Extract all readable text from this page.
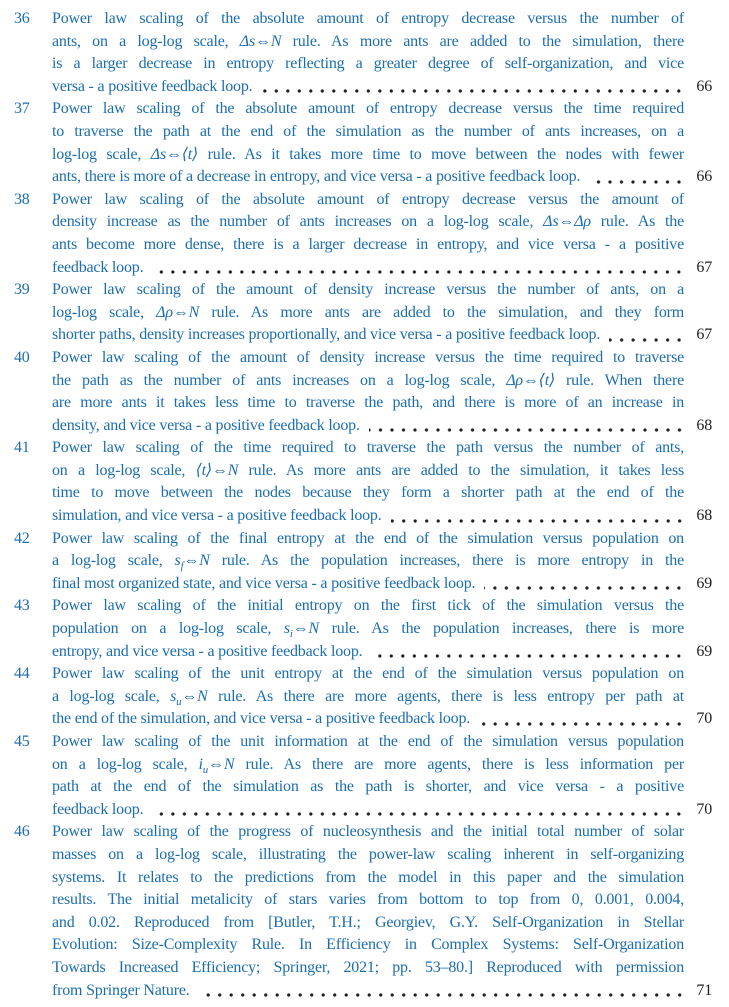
36	Power law scaling of the absolute amount of entropy decrease versus the number of
ants, on a log-log scale, Δs⇔N rule. As more ants are added to the simulation, there
is a larger decrease in entropy reflecting a greater degree of self-organization, and vice
versa - a positive feedback loop.	66
37	Power law scaling of the absolute amount of entropy decrease versus the time required
to traverse the path at the end of the simulation as the number of ants increases, on a
log-log scale, Δs⇔⟨t⟩ rule. As it takes more time to move between the nodes with fewer
ants, there is more of a decrease in entropy, and vice versa - a positive feedback loop.	66
38	Power law scaling of the absolute amount of entropy decrease versus the amount of
density increase as the number of ants increases on a log-log scale, Δs⇔Δρ rule. As the
ants become more dense, there is a larger decrease in entropy, and vice versa - a positive
feedback loop.	67
39	Power law scaling of the amount of density increase versus the number of ants, on a
log-log scale, Δρ⇔N rule. As more ants are added to the simulation, and they form
shorter paths, density increases proportionally, and vice versa - a positive feedback loop.	67
40	Power law scaling of the amount of density increase versus the time required to traverse
the path as the number of ants increases on a log-log scale, Δρ⇔⟨t⟩ rule. When there
are more ants it takes less time to traverse the path, and there is more of an increase in
density, and vice versa - a positive feedback loop.	68
41	Power law scaling of the time required to traverse the path versus the number of ants,
on a log-log scale, ⟨t⟩⇔N rule. As more ants are added to the simulation, it takes less
time to move between the nodes because they form a shorter path at the end of the
simulation, and vice versa - a positive feedback loop.	68
42	Power law scaling of the final entropy at the end of the simulation versus population on
a log-log scale, $s_f\Leftrightarrow N$ rule. As the population increases, there is more entropy in the
final most organized state, and vice versa - a positive feedback loop.	69
43	Power law scaling of the initial entropy on the first tick of the simulation versus the
population on a log-log scale, $s_i\Leftrightarrow N$ rule. As the population increases, there is more
entropy, and vice versa - a positive feedback loop.	69
44	Power law scaling of the unit entropy at the end of the simulation versus population on
a log-log scale, $s_u\Leftrightarrow N$ rule. As there are more agents, there is less entropy per path at
the end of the simulation, and vice versa - a positive feedback loop.	70
45	Power law scaling of the unit information at the end of the simulation versus population
on a log-log scale, $i_u\Leftrightarrow N$ rule. As there are more agents, there is less information per
path at the end of the simulation as the path is shorter, and vice versa - a positive
feedback loop.	70
46	Power law scaling of the progress of nucleosynthesis and the initial total number of solar
masses on a log-log scale, illustrating the power-law scaling inherent in self-organizing
systems. It relates to the predictions from the model in this paper and the simulation
results. The initial metalicity of stars varies from bottom to top from 0, 0.001, 0.004,
and 0.02. Reproduced from [Butler, T.H.; Georgiev, G.Y. Self-Organization in Stellar
Evolution: Size-Complexity Rule. In Efficiency in Complex Systems: Self-Organization
Towards Increased Efficiency; Springer, 2021; pp. 53–80.] Reproduced with permission
from Springer Nature.	71
